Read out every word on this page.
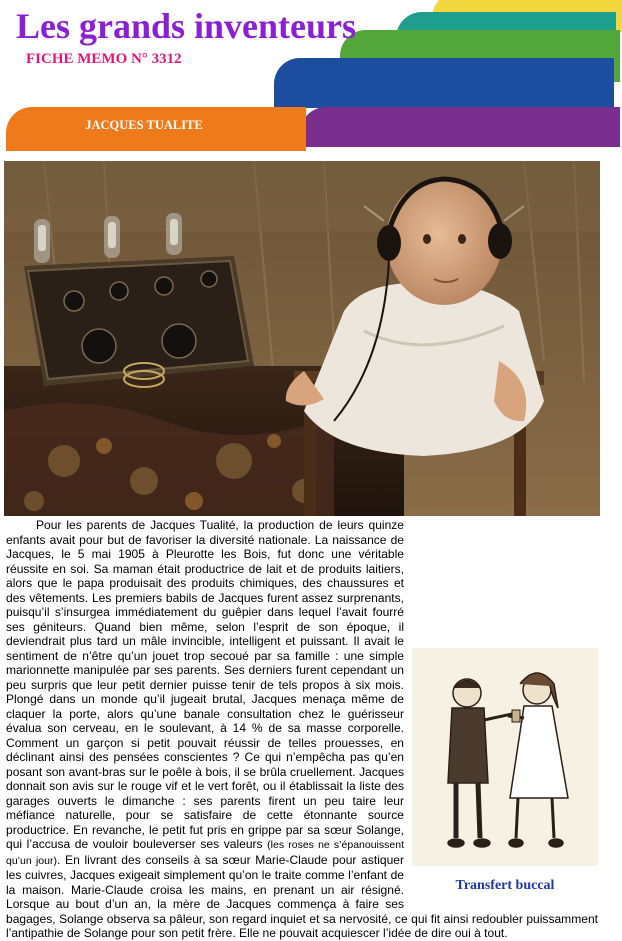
Les grands inventeurs
FICHE MEMO N° 3312
JACQUES TUALITE
Transfert buccal

Pour les parents de Jacques Tualité, la production de leurs quinze enfants avait pour but de favoriser la diversité nationale. La naissance de Jacques, le 5 mai 1905 à Pleurotte les Bois, fut donc une véritable réussite en soi. Sa maman était productrice de lait et de produits laitiers, alors que le papa produisait des produits chimiques, des chaussures et des vêtements. Les premiers babils de Jacques furent assez surprenants, puisqu’il s’insurgea immédiatement du guêpier dans lequel l’avait fourré ses géniteurs. Quand bien même, selon l’esprit de son époque, il deviendrait plus tard un mâle invincible, intelligent et puissant. Il avait le sentiment de n’être qu’un jouet trop secoué par sa famille : une simple marionnette manipulée par ses parents. Ses derniers furent cependant un peu surpris que leur petit dernier puisse tenir de tels propos à six mois. Plongé dans un monde qu’il jugeait brutal, Jacques menaça même de claquer la porte, alors qu’une banale consultation chez le guérisseur évalua son cerveau, en le soulevant, à 14 % de sa masse corporelle. Comment un garçon si petit pouvait réussir de telles prouesses, en déclinant ainsi des pensées conscientes ? Ce qui n’empêcha pas qu’en posant son avant-bras sur le poêle à bois, il se brûla cruellement. Jacques donnait son avis sur le rouge vif et le vert forêt, ou il établissait la liste des garages ouverts le dimanche : ses parents firent un peu taire leur méfiance naturelle, pour se satisfaire de cette étonnante source productrice. En revanche, le petit fut pris en grippe par sa sœur Solange, qui l’accusa de vouloir bouleverser ses valeurs (les roses ne s’épanouissent qu’un jour). En livrant des conseils à sa sœur Marie-Claude pour astiquer les cuivres, Jacques exigeait simplement qu’on le traite comme l’enfant de la maison. Marie-Claude croisa les mains, en prenant un air résigné. Lorsque au bout d’un an, la mère de Jacques commença à faire ses bagages, Solange observa sa pâleur, son regard inquiet et sa nervosité, ce qui fit ainsi redoubler puissamment l’antipathie de Solange pour son petit frère. Elle ne pouvait acquiescer l’idée de dire oui à tout.
